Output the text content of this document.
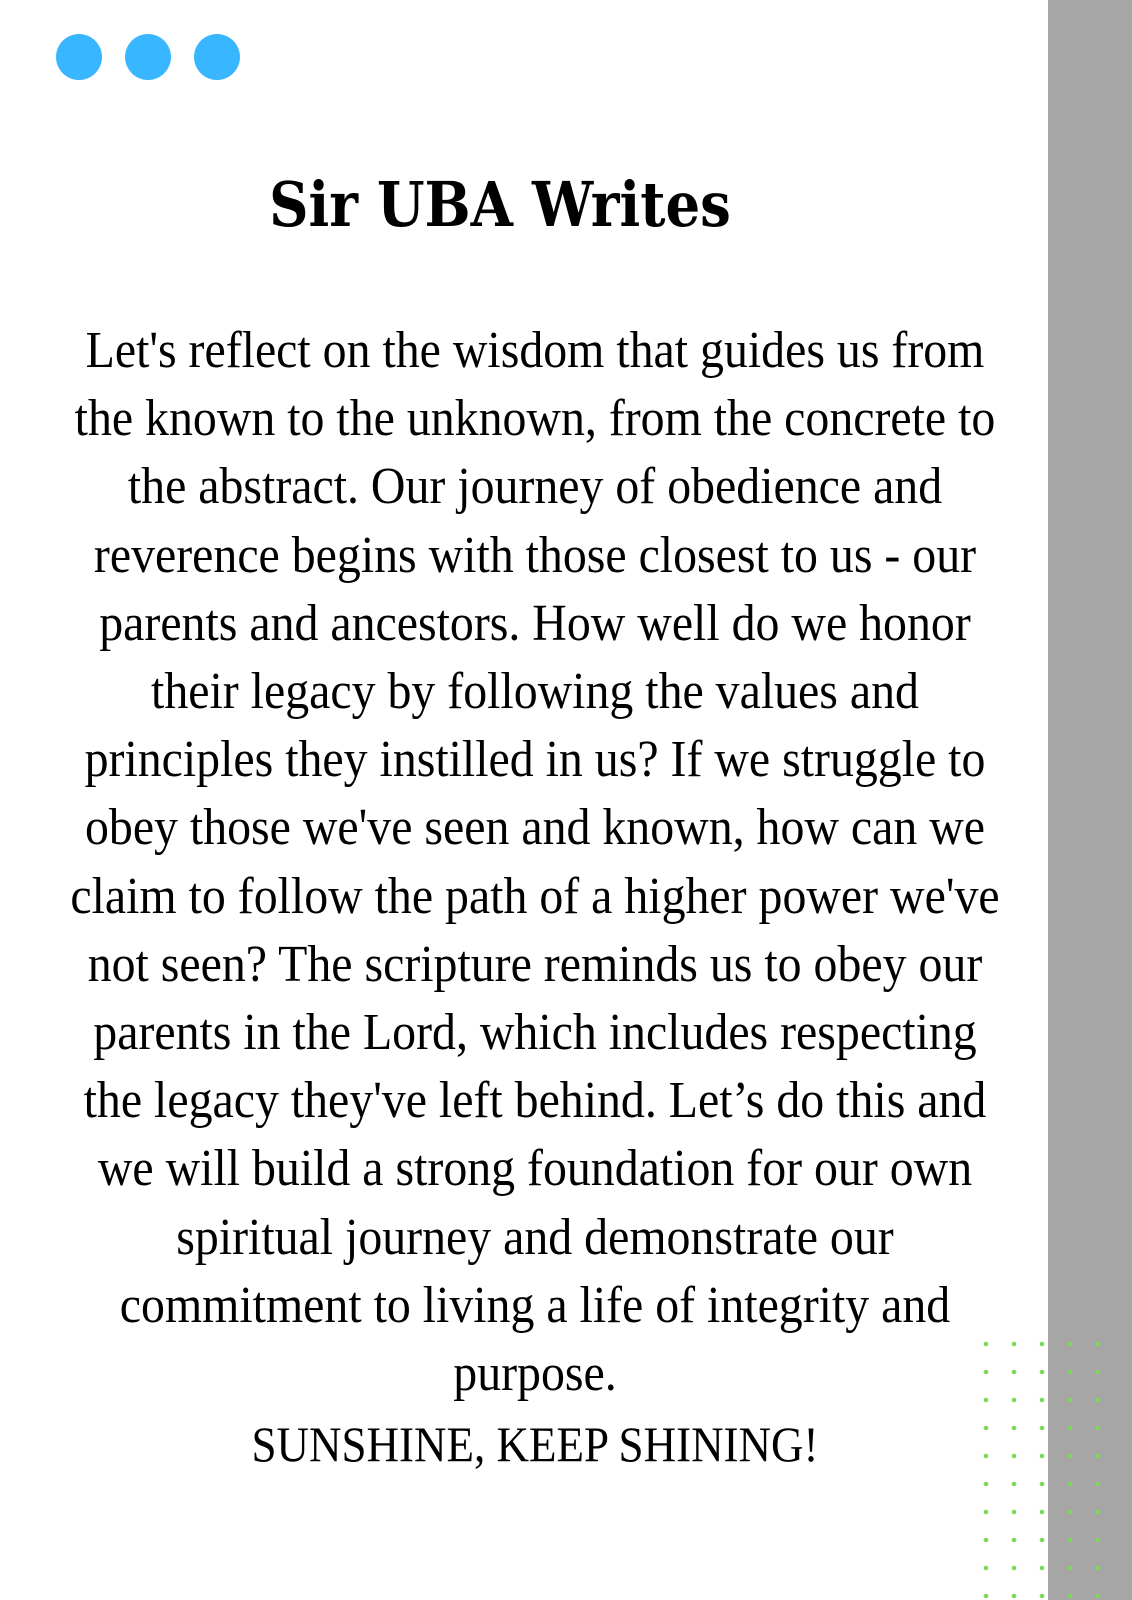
Sir UBA Writes

Let's reflect on the wisdom that guides us from the known to the unknown, from the concrete to the abstract. Our journey of obedience and reverence begins with those closest to us - our parents and ancestors. How well do we honor their legacy by following the values and principles they instilled in us? If we struggle to obey those we've seen and known, how can we claim to follow the path of a higher power we've not seen? The scripture reminds us to obey our parents in the Lord, which includes respecting the legacy they've left behind. Let’s do this and we will build a strong foundation for our own spiritual journey and demonstrate our commitment to living a life of integrity and purpose.

SUNSHINE, KEEP SHINING!
